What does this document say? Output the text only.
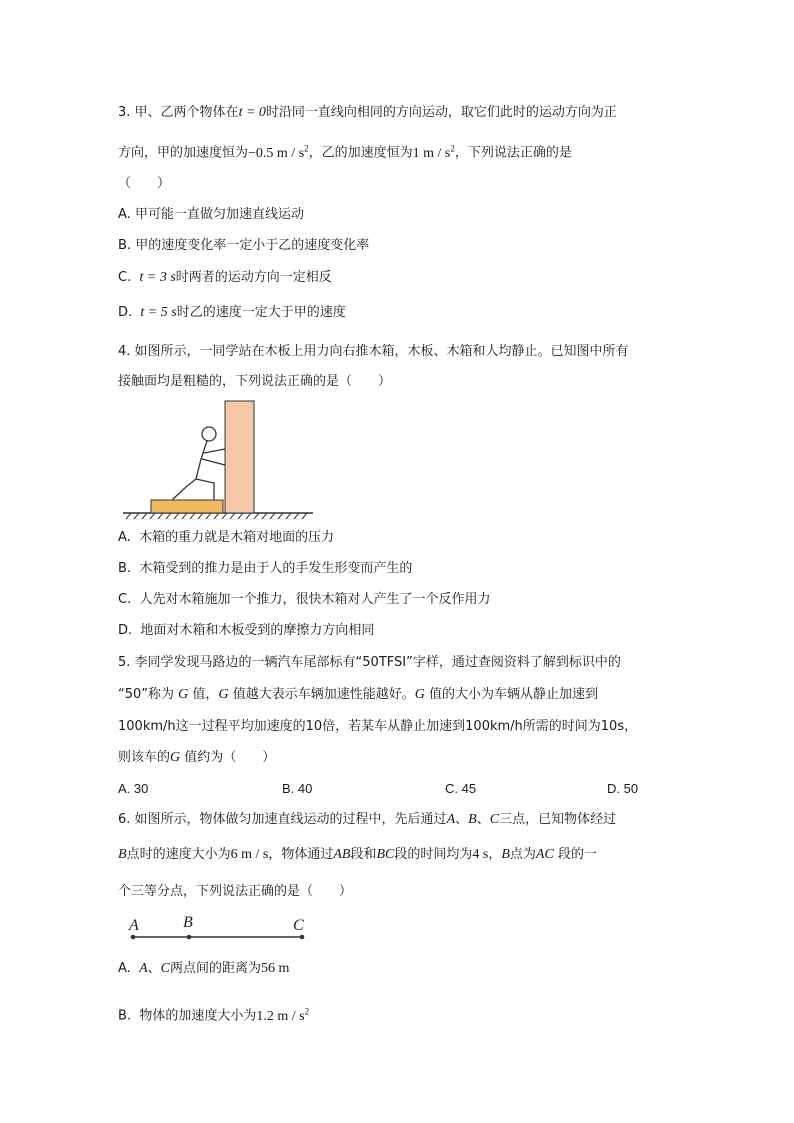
3. 甲、乙两个物体在t = 0时沿同一直线向相同的方向运动，取它们此时的运动方向为正
方向，甲的加速度恒为−0.5 m / $s^2$，乙的加速度恒为1 m / $s^2$，下列说法正确的是
（　　）
A. 甲可能一直做匀加速直线运动
B. 甲的速度变化率一定小于乙的速度变化率
C. t = 3 s时两者的运动方向一定相反
D. t = 5 s时乙的速度一定大于甲的速度
4. 如图所示，一同学站在木板上用力向右推木箱，木板、木箱和人均静止。已知图中所有
接触面均是粗糙的，下列说法正确的是（　　）
A. 木箱的重力就是木箱对地面的压力
B. 木箱受到的推力是由于人的手发生形变而产生的
C. 人先对木箱施加一个推力，很快木箱对人产生了一个反作用力
D. 地面对木箱和木板受到的摩擦力方向相同
5. 李同学发现马路边的一辆汽车尾部标有“50TFSI”字样，通过查阅资料了解到标识中的
“50”称为 G 值，G 值越大表示车辆加速性能越好。G 值的大小为车辆从静止加速到
100km/h这一过程平均加速度的10倍，若某车从静止加速到100km/h所需的时间为10s，
则该车的G 值约为（　　）
A. 30	B. 40	C. 45	D. 50
6. 如图所示，物体做匀加速直线运动的过程中，先后通过A、B、C三点，已知物体经过
B点时的速度大小为6 m / s，物体通过AB段和BC段的时间均为4 s，B点为AC 段的一
个三等分点，下列说法正确的是（　　）
A	B	C
A. A、C两点间的距离为56 m
B. 物体的加速度大小为1.2 m / $s^2$
